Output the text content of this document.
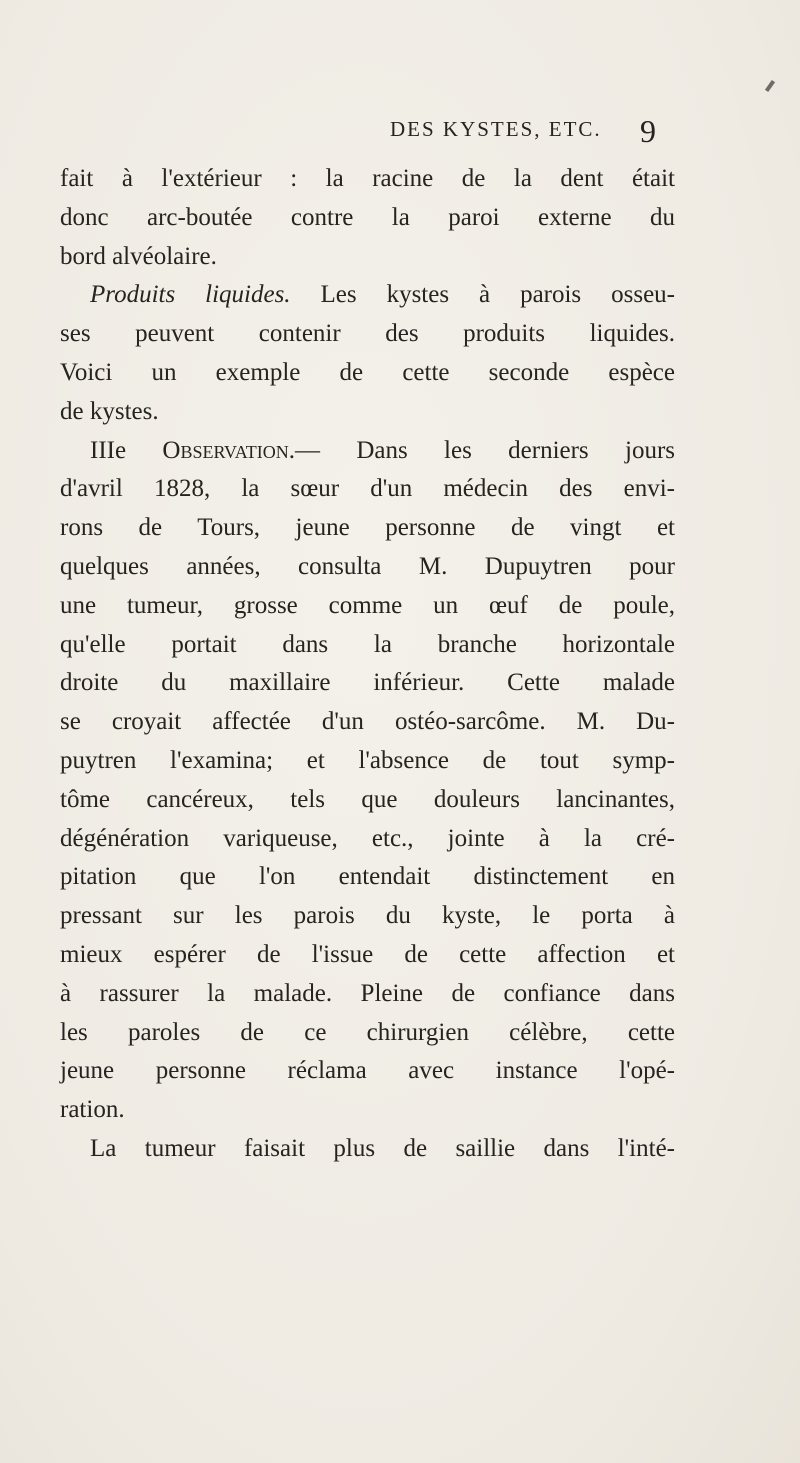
DES KYSTES, ETC. 9
fait à l'extérieur : la racine de la dent était
donc arc-boutée contre la paroi externe du
bord alvéolaire.
Produits liquides. Les kystes à parois osseu-
ses peuvent contenir des produits liquides.
Voici un exemple de cette seconde espèce
de kystes.
IIIe Observation.— Dans les derniers jours
d'avril 1828, la sœur d'un médecin des envi-
rons de Tours, jeune personne de vingt et
quelques années, consulta M. Dupuytren pour
une tumeur, grosse comme un œuf de poule,
qu'elle portait dans la branche horizontale
droite du maxillaire inférieur. Cette malade
se croyait affectée d'un ostéo-sarcôme. M. Du-
puytren l'examina; et l'absence de tout symp-
tôme cancéreux, tels que douleurs lancinantes,
dégénération variqueuse, etc., jointe à la cré-
pitation que l'on entendait distinctement en
pressant sur les parois du kyste, le porta à
mieux espérer de l'issue de cette affection et
à rassurer la malade. Pleine de confiance dans
les paroles de ce chirurgien célèbre, cette
jeune personne réclama avec instance l'opé-
ration.
La tumeur faisait plus de saillie dans l'inté-
